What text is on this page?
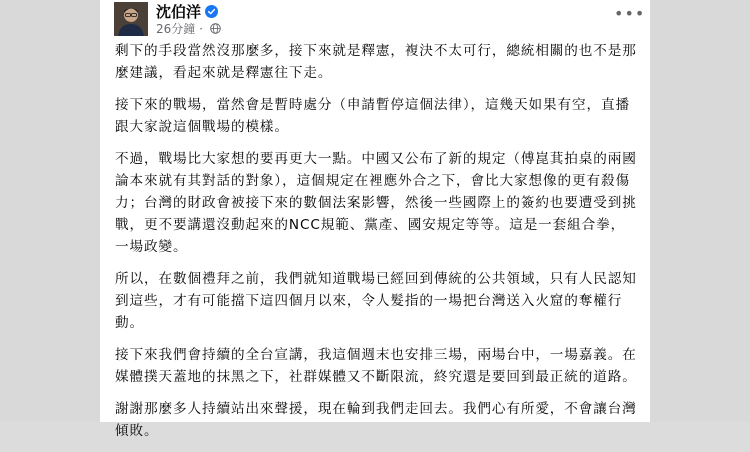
沈伯洋
26分鐘 ·
•••

剩下的手段當然沒那麼多，接下來就是釋憲，複決不太可行，總統相關的也不是那麼建議，看起來就是釋憲往下走。

接下來的戰場，當然會是暫時處分（申請暫停這個法律），這幾天如果有空，直播跟大家說這個戰場的模樣。

不過，戰場比大家想的要再更大一點。中國又公布了新的規定（傅崑萁拍桌的兩國論本來就有其對話的對象），這個規定在裡應外合之下，會比大家想像的更有殺傷力；台灣的財政會被接下來的數個法案影響，然後一些國際上的簽約也要遭受到挑戰，更不要講還沒動起來的NCC規範、黨產、國安規定等等。這是一套組合拳，一場政變。

所以，在數個禮拜之前，我們就知道戰場已經回到傳統的公共領域，只有人民認知到這些，才有可能擋下這四個月以來，令人髮指的一場把台灣送入火窟的奪權行動。

接下來我們會持續的全台宣講，我這個週末也安排三場，兩場台中，一場嘉義。在媒體撲天蓋地的抹黑之下，社群媒體又不斷限流，終究還是要回到最正統的道路。

謝謝那麼多人持續站出來聲援，現在輪到我們走回去。我們心有所愛，不會讓台灣傾敗。
